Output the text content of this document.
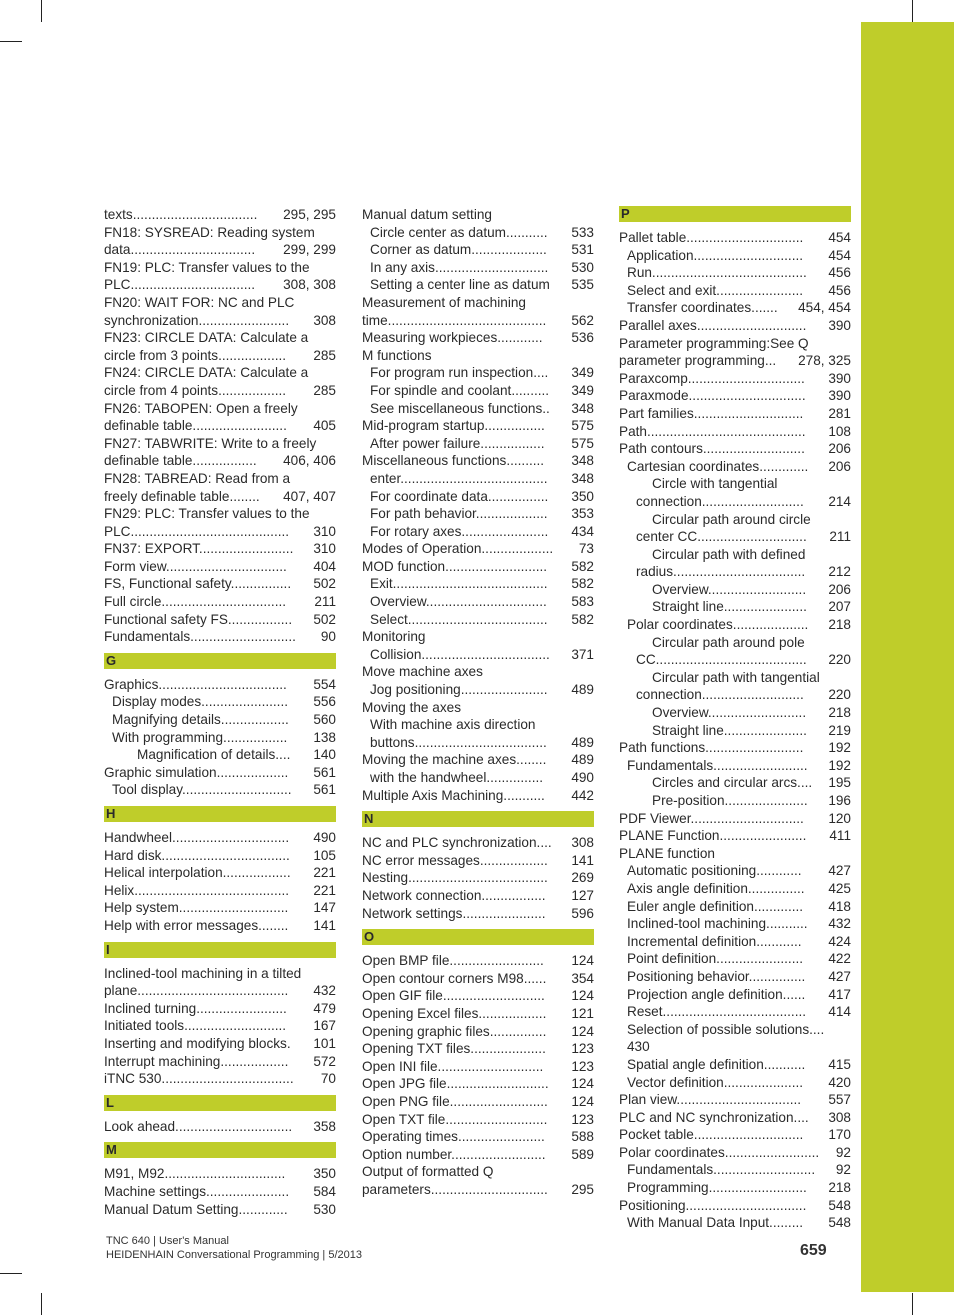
texts................................. 295, 295
FN18: SYSREAD: Reading system
data................................. 299, 299
FN19: PLC: Transfer values to the
PLC................................. 308, 308
FN20: WAIT FOR: NC and PLC
synchronization........................ 308
FN23: CIRCLE DATA: Calculate a
circle from 3 points.................. 285
FN24: CIRCLE DATA: Calculate a
circle from 4 points.................. 285
FN26: TABOPEN: Open a freely
definable table......................... 405
FN27: TABWRITE: Write to a freely
definable table................. 406, 406
FN28: TABREAD: Read from a
freely definable table........ 407, 407
FN29: PLC: Transfer values to the
PLC.......................................... 310
FN37: EXPORT......................... 310
Form view................................ 404
FS, Functional safety................ 502
Full circle................................. 211
Functional safety FS................. 502
Fundamentals............................ 90
G
Graphics.................................. 554
Display modes....................... 556
Magnifying details.................. 560
With programming................. 138
Magnification of details.... 140
Graphic simulation................... 561
Tool display............................. 561
H
Handwheel............................... 490
Hard disk.................................. 105
Helical interpolation.................. 221
Helix......................................... 221
Help system............................. 147
Help with error messages........ 141
I
Inclined-tool machining in a tilted
plane........................................ 432
Inclined turning........................ 479
Initiated tools........................... 167
Inserting and modifying blocks. 101
Interrupt machining.................. 572
iTNC 530................................... 70
L
Look ahead............................... 358
M
M91, M92................................ 350
Machine settings...................... 584
Manual Datum Setting............. 530
Manual datum setting
Circle center as datum........... 533
Corner as datum.................... 531
In any axis.............................. 530
Setting a center line as datum 535
Measurement of machining
time.......................................... 562
Measuring workpieces............ 536
M functions
For program run inspection.... 349
For spindle and coolant.......... 349
See miscellaneous functions.. 348
Mid-program startup................ 575
After power failure................. 575
Miscellaneous functions.......... 348
enter....................................... 348
For coordinate data................ 350
For path behavior................... 353
For rotary axes....................... 434
Modes of Operation................... 73
MOD function........................... 582
Exit......................................... 582
Overview................................ 583
Select..................................... 582
Monitoring
Collision.................................. 371
Move machine axes
Jog positioning....................... 489
Moving the axes
With machine axis direction
buttons................................... 489
Moving the machine axes........ 489
with the handwheel............... 490
Multiple Axis Machining........... 442
N
NC and PLC synchronization.... 308
NC error messages.................. 141
Nesting..................................... 269
Network connection................. 127
Network settings...................... 596
O
Open BMP file......................... 124
Open contour corners M98...... 354
Open GIF file........................... 124
Opening Excel files.................. 121
Opening graphic files............... 124
Opening TXT files.................... 123
Open INI file............................ 123
Open JPG file........................... 124
Open PNG file.......................... 124
Open TXT file........................... 123
Operating times....................... 588
Option number......................... 589
Output of formatted Q
parameters............................... 295
P
Pallet table............................... 454
Application............................. 454
Run......................................... 456
Select and exit....................... 456
Transfer coordinates....... 454, 454
Parallel axes............................. 390
Parameter programming:See Q
parameter programming... 278, 325
Paraxcomp............................... 390
Paraxmode............................... 390
Part families............................. 281
Path.......................................... 108
Path contours........................... 206
Cartesian coordinates............. 206
Circle with tangential
connection........................... 214
Circular path around circle
center CC............................. 211
Circular path with defined
radius................................... 212
Overview.......................... 206
Straight line...................... 207
Polar coordinates.................... 218
Circular path around pole
CC........................................ 220
Circular path with tangential
connection........................... 220
Overview.......................... 218
Straight line...................... 219
Path functions.......................... 192
Fundamentals......................... 192
Circles and circular arcs.... 195
Pre-position...................... 196
PDF Viewer.............................. 120
PLANE Function....................... 411
PLANE function
Automatic positioning............ 427
Axis angle definition............... 425
Euler angle definition............. 418
Inclined-tool machining........... 432
Incremental definition............ 424
Point definition....................... 422
Positioning behavior............... 427
Projection angle definition...... 417
Reset...................................... 414
Selection of possible solutions....
430
Spatial angle definition........... 415
Vector definition..................... 420
Plan view................................. 557
PLC and NC synchronization.... 308
Pocket table............................. 170
Polar coordinates......................... 92
Fundamentals........................... 92
Programming.......................... 218
Positioning................................ 548
With Manual Data Input......... 548
TNC 640 | User's Manual
HEIDENHAIN Conversational Programming | 5/2013	659
